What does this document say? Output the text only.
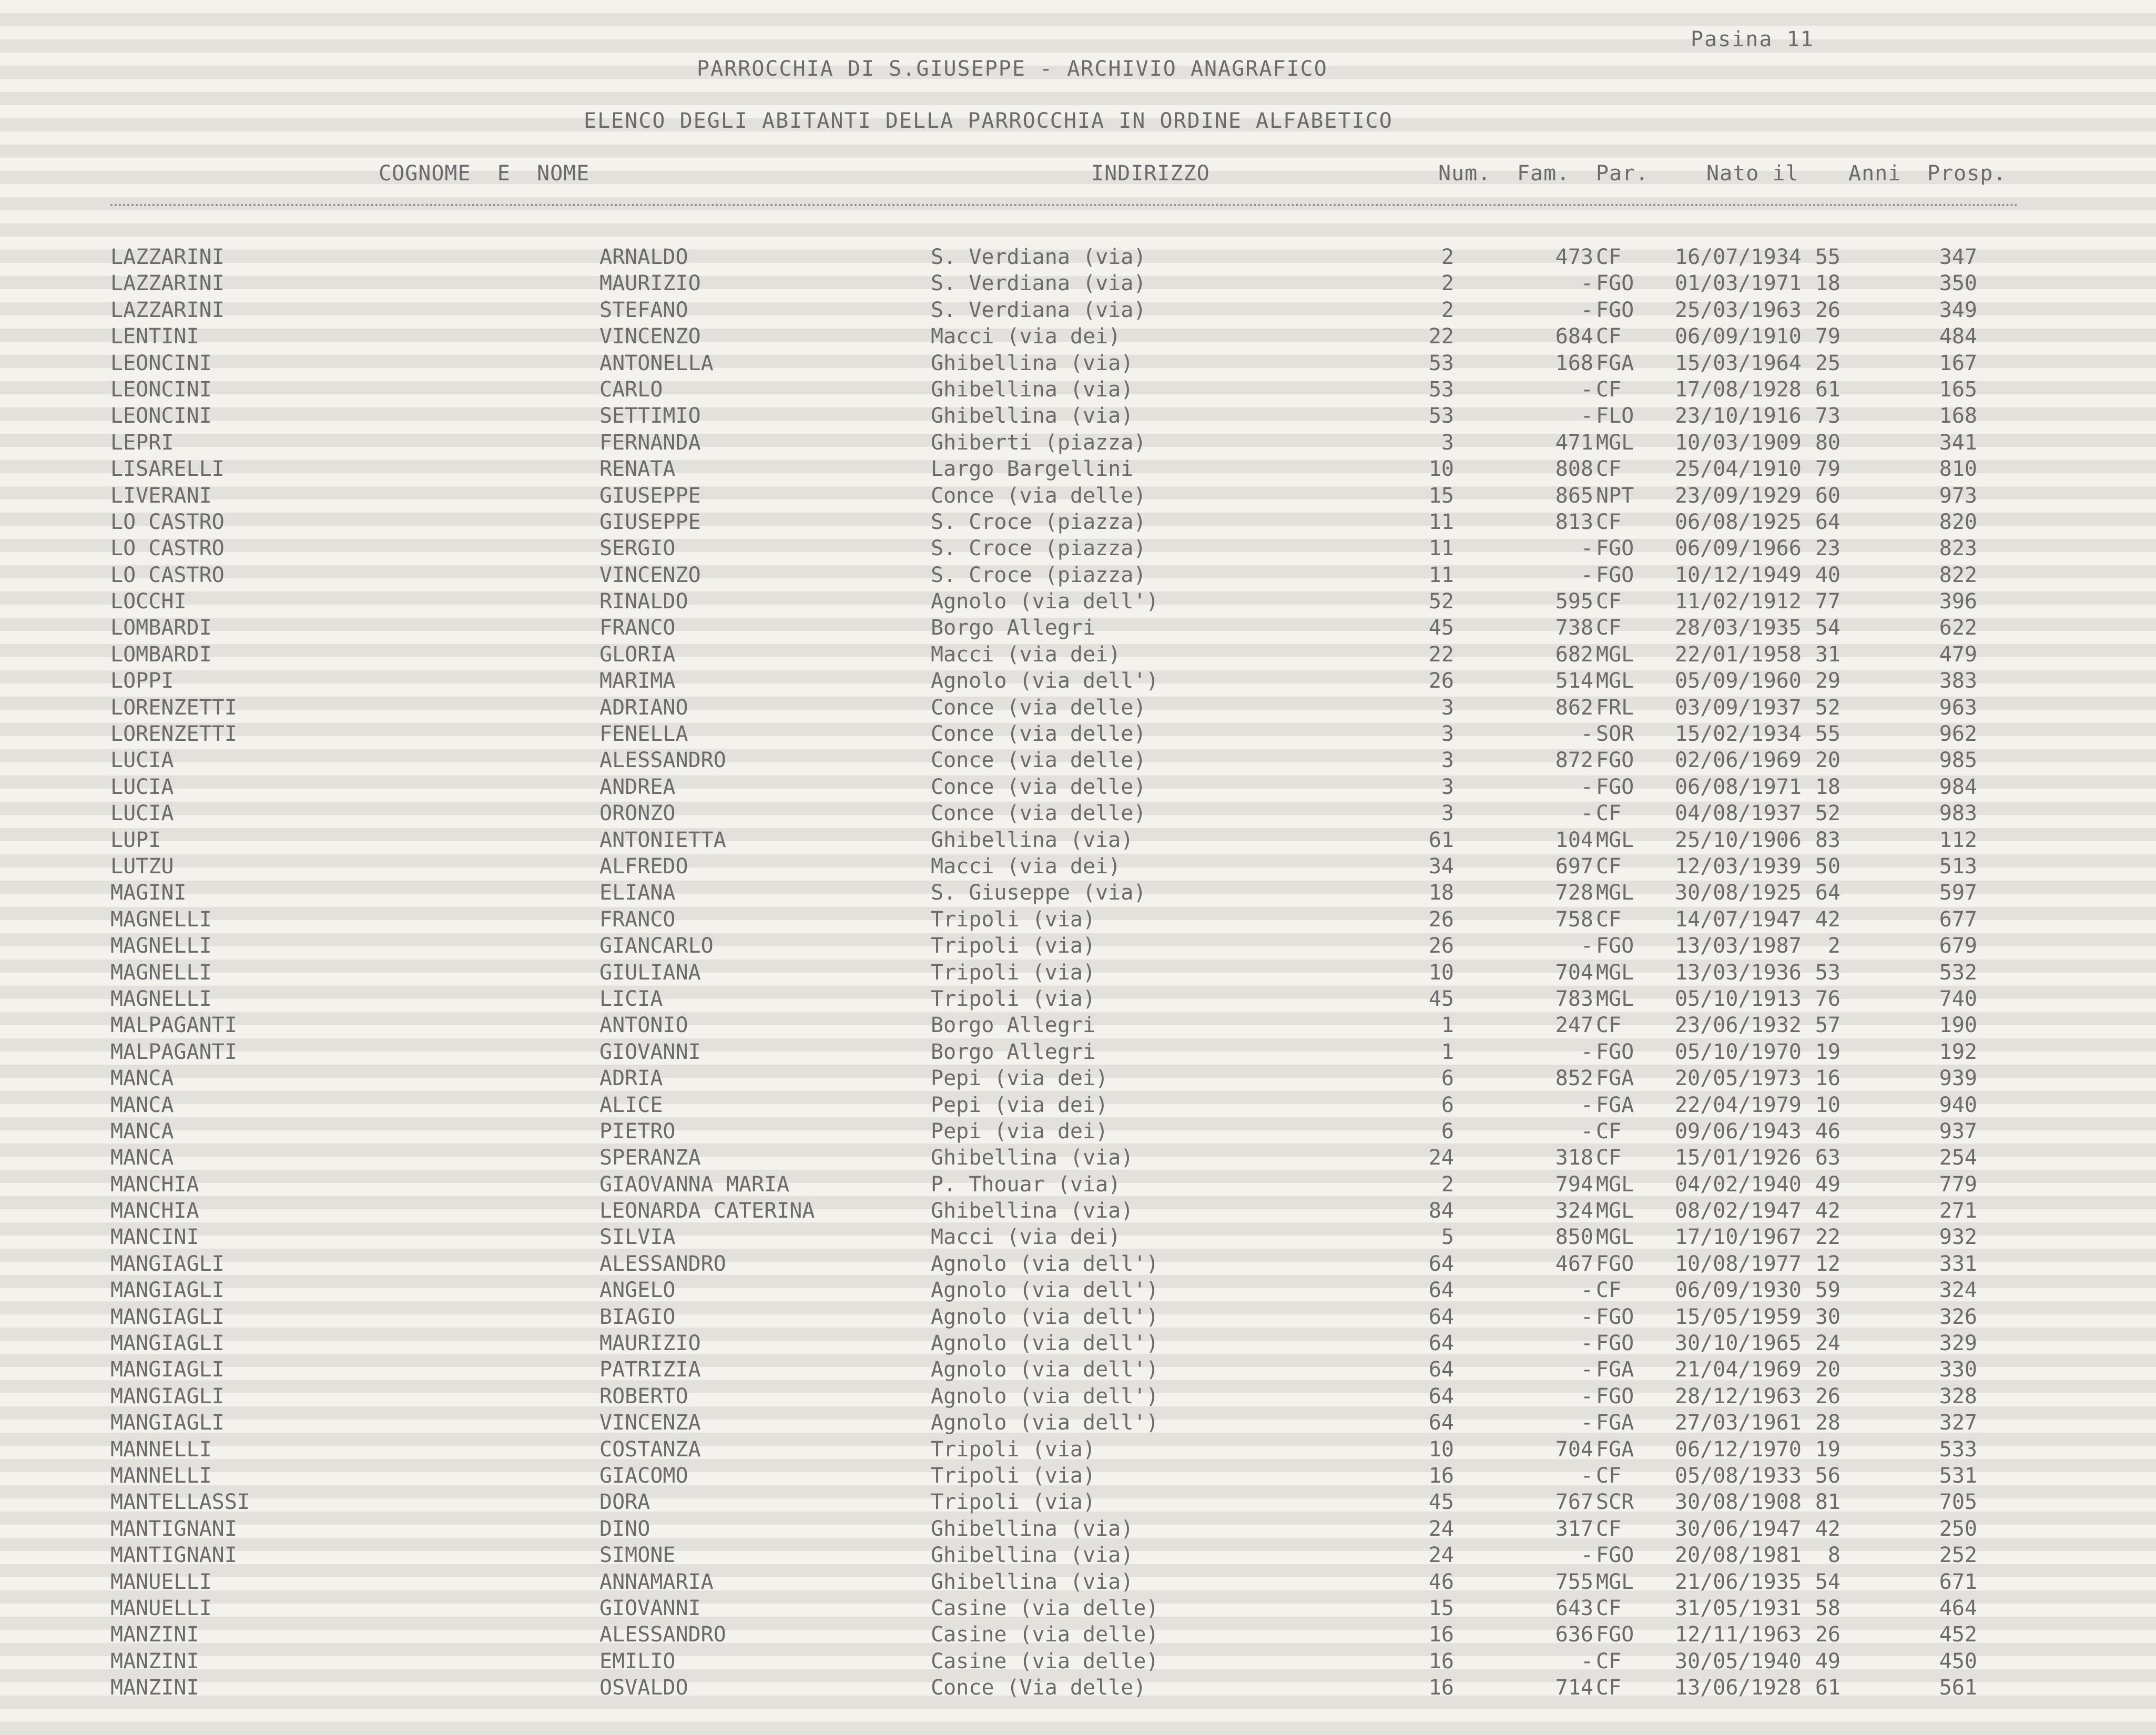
Pasina 11
PARROCCHIA DI S.GIUSEPPE - ARCHIVIO ANAGRAFICO
ELENCO DEGLI ABITANTI DELLA PARROCCHIA IN ORDINE ALFABETICO
COGNOME  E  NOME	INDIRIZZO	Num. Fam. Par.	Nato il Anni Prosp.
LAZZARINI	ARNALDO	S. Verdiana (via)	2	473 CF	16/07/1934 55	347
LAZZARINI	MAURIZIO	S. Verdiana (via)	2	- FGO 01/03/1971 18	350
LAZZARINI	STEFANO	S. Verdiana (via)	2	- FGO 25/03/1963 26	349
LENTINI	VINCENZO	Macci (via dei)	22	684 CF	06/09/1910 79	484
LEONCINI	ANTONELLA	Ghibellina (via)	53	168 FGA 15/03/1964 25	167
LEONCINI	CARLO	Ghibellina (via)	53	- CF	17/08/1928 61	165
LEONCINI	SETTIMIO	Ghibellina (via)	53	- FLO 23/10/1916 73	168
LEPRI	FERNANDA	Ghiberti (piazza)	3	471 MGL 10/03/1909 80	341
LISARELLI	RENATA	Largo Bargellini	10	808 CF	25/04/1910 79	810
LIVERANI	GIUSEPPE	Conce (via delle)	15	865 NPT 23/09/1929 60	973
LO CASTRO	GIUSEPPE	S. Croce (piazza)	11	813 CF	06/08/1925 64	820
LO CASTRO	SERGIO	S. Croce (piazza)	11	- FGO 06/09/1966 23	823
LO CASTRO	VINCENZO	S. Croce (piazza)	11	- FGO 10/12/1949 40	822
LOCCHI	RINALDO	Agnolo (via dell')	52	595 CF	11/02/1912 77	396
LOMBARDI	FRANCO	Borgo Allegri	45	738 CF	28/03/1935 54	622
LOMBARDI	GLORIA	Macci (via dei)	22	682 MGL 22/01/1958 31	479
LOPPI	MARIMA	Agnolo (via dell')	26	514 MGL 05/09/1960 29	383
LORENZETTI	ADRIANO	Conce (via delle)	3	862 FRL 03/09/1937 52	963
LORENZETTI	FENELLA	Conce (via delle)	3	- SOR 15/02/1934 55	962
LUCIA	ALESSANDRO	Conce (via delle)	3	872 FGO 02/06/1969 20	985
LUCIA	ANDREA	Conce (via delle)	3	- FGO 06/08/1971 18	984
LUCIA	ORONZO	Conce (via delle)	3	- CF	04/08/1937 52	983
LUPI	ANTONIETTA	Ghibellina (via)	61	104 MGL 25/10/1906 83	112
LUTZU	ALFREDO	Macci (via dei)	34	697 CF	12/03/1939 50	513
MAGINI	ELIANA	S. Giuseppe (via)	18	728 MGL 30/08/1925 64	597
MAGNELLI	FRANCO	Tripoli (via)	26	758 CF	14/07/1947 42	677
MAGNELLI	GIANCARLO	Tripoli (via)	26	- FGO 13/03/1987 2	679
MAGNELLI	GIULIANA	Tripoli (via)	10	704 MGL 13/03/1936 53	532
MAGNELLI	LICIA	Tripoli (via)	45	783 MGL 05/10/1913 76	740
MALPAGANTI	ANTONIO	Borgo Allegri	1	247 CF	23/06/1932 57	190
MALPAGANTI	GIOVANNI	Borgo Allegri	1	- FGO 05/10/1970 19	192
MANCA	ADRIA	Pepi (via dei)	6	852 FGA 20/05/1973 16	939
MANCA	ALICE	Pepi (via dei)	6	- FGA 22/04/1979 10	940
MANCA	PIETRO	Pepi (via dei)	6	- CF	09/06/1943 46	937
MANCA	SPERANZA	Ghibellina (via)	24	318 CF	15/01/1926 63	254
MANCHIA	GIAOVANNA MARIA	P. Thouar (via)	2	794 MGL 04/02/1940 49	779
MANCHIA	LEONARDA CATERINA	Ghibellina (via)	84	324 MGL 08/02/1947 42	271
MANCINI	SILVIA	Macci (via dei)	5	850 MGL 17/10/1967 22	932
MANGIAGLI	ALESSANDRO	Agnolo (via dell')	64	467 FGO 10/08/1977 12	331
MANGIAGLI	ANGELO	Agnolo (via dell')	64	- CF	06/09/1930 59	324
MANGIAGLI	BIAGIO	Agnolo (via dell')	64	- FGO 15/05/1959 30	326
MANGIAGLI	MAURIZIO	Agnolo (via dell')	64	- FGO 30/10/1965 24	329
MANGIAGLI	PATRIZIA	Agnolo (via dell')	64	- FGA 21/04/1969 20	330
MANGIAGLI	ROBERTO	Agnolo (via dell')	64	- FGO 28/12/1963 26	328
MANGIAGLI	VINCENZA	Agnolo (via dell')	64	- FGA 27/03/1961 28	327
MANNELLI	COSTANZA	Tripoli (via)	10	704 FGA 06/12/1970 19	533
MANNELLI	GIACOMO	Tripoli (via)	16	- CF	05/08/1933 56	531
MANTELLASSI	DORA	Tripoli (via)	45	767 SCR 30/08/1908 81	705
MANTIGNANI	DINO	Ghibellina (via)	24	317 CF	30/06/1947 42	250
MANTIGNANI	SIMONE	Ghibellina (via)	24	- FGO 20/08/1981 8	252
MANUELLI	ANNAMARIA	Ghibellina (via)	46	755 MGL 21/06/1935 54	671
MANUELLI	GIOVANNI	Casine (via delle)	15	643 CF	31/05/1931 58	464
MANZINI	ALESSANDRO	Casine (via delle)	16	636 FGO 12/11/1963 26	452
MANZINI	EMILIO	Casine (via delle)	16	- CF	30/05/1940 49	450
MANZINI	OSVALDO	Conce (Via delle)	16	714 CF	13/06/1928 61	561
